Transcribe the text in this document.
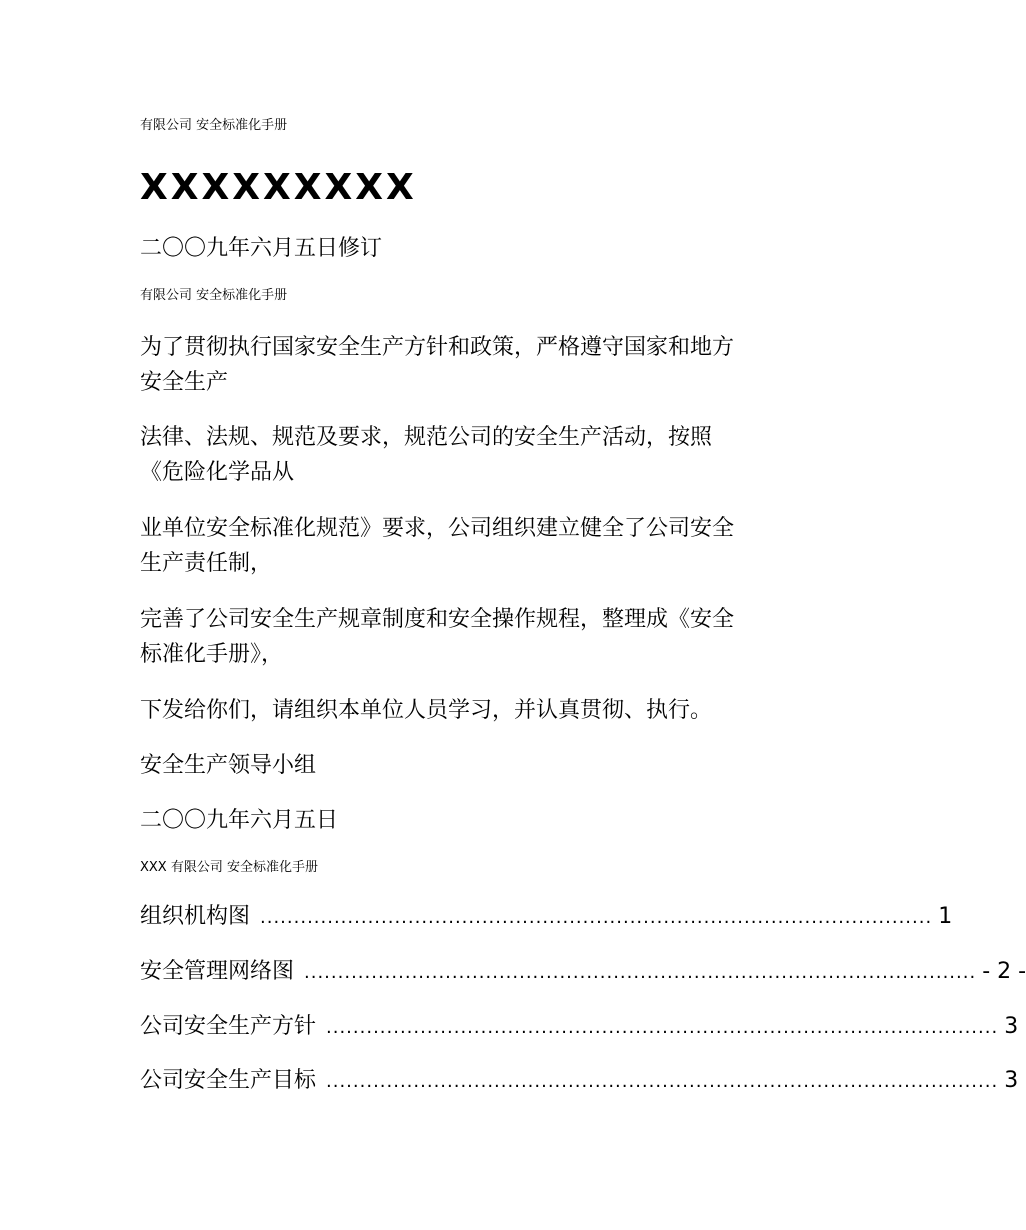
有限公司 安全标准化手册
XXXXXXXXX
二〇〇九年六月五日修订
有限公司 安全标准化手册
为了贯彻执行国家安全生产方针和政策，严格遵守国家和地方
安全生产
法律、法规、规范及要求，规范公司的安全生产活动，按照
《危险化学品从
业单位安全标准化规范》要求，公司组织建立健全了公司安全
生产责任制，
完善了公司安全生产规章制度和安全操作规程，整理成《安全
标准化手册》，
下发给你们，请组织本单位人员学习，并认真贯彻、执行。
安全生产领导小组
二〇〇九年六月五日
XXX 有限公司 安全标准化手册
组织机构图 .................................................................................................... 1
安全管理网络图 .................................................................................................... - 2 -
公司安全生产方针 .................................................................................................... 3
公司安全生产目标 .................................................................................................... 3
